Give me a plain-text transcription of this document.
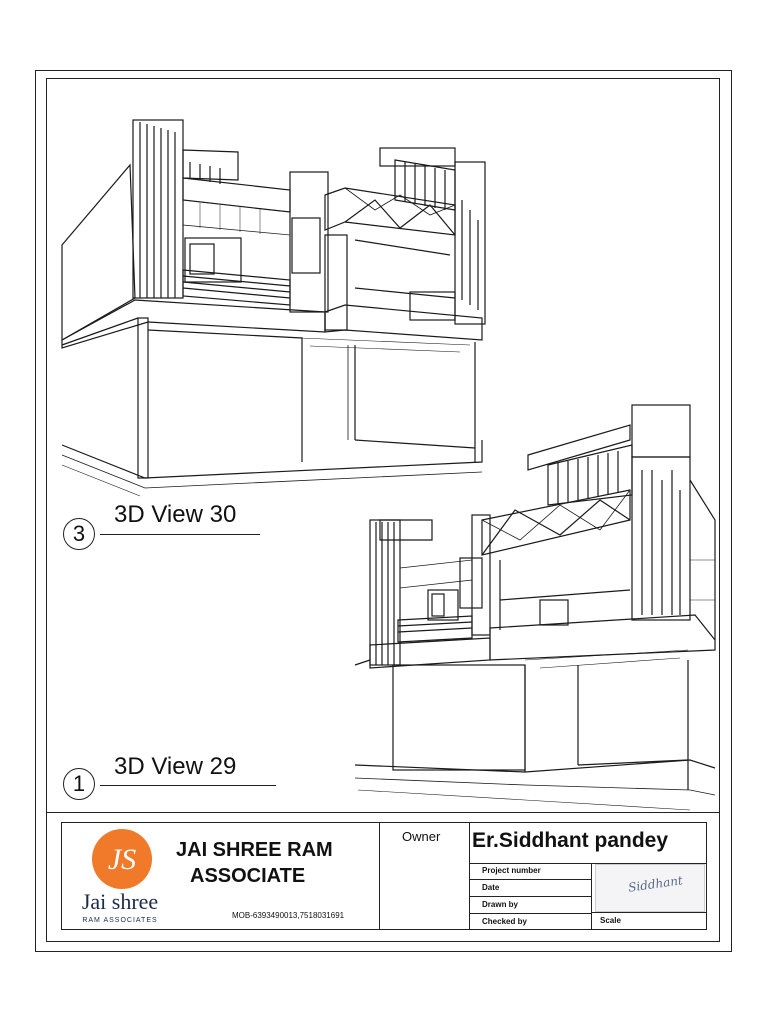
3
3D View 30
1
3D View 29
JS
Jai shree
RAM ASSOCIATES
JAI SHREE RAM
ASSOCIATE
MOB-6393490013,7518031691
Owner Er.Siddhant pandey
Project number
Date
Drawn by
Checked by
Siddhant
Scale
